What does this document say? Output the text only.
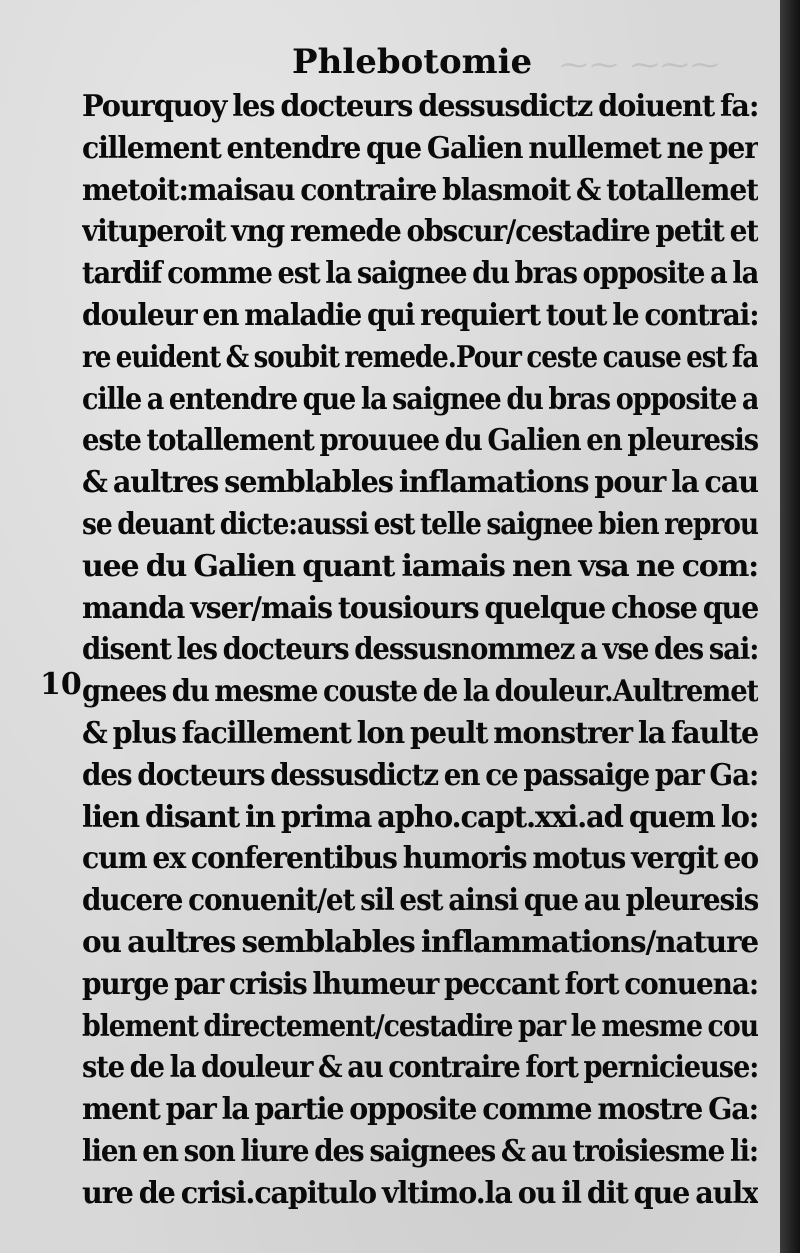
⁓⁓ ⁓⁓⁓
Phlebotomie
10
Pourquoy les docteurs dessusdictz doiuent fa:
cillement entendre que Galien nullemet ne per
metoit:maisau contraire blasmoit & totallemet
vituperoit vng remede obscur/cestadire petit et
tardif comme est la saignee du bras opposite a la
douleur en maladie qui requiert tout le contrai:
re euident & soubit remede.Pour ceste cause est fa
cille a entendre que la saignee du bras opposite a
este totallement prouuee du Galien en pleuresis
& aultres semblables inflamations pour la cau
se deuant dicte:aussi est telle saignee bien reprou
uee du Galien quant iamais nen vsa ne com:
manda vser/mais tousiours quelque chose que
disent les docteurs dessusnommez a vse des sai:
gnees du mesme couste de la douleur.Aultremet
& plus facillement lon peult monstrer la faulte
des docteurs dessusdictz en ce passaige par Ga:
lien disant in prima apho.capt.xxi.ad quem lo:
cum ex conferentibus humoris motus vergit eo
ducere conuenit/et sil est ainsi que au pleuresis
ou aultres semblables inflammations/nature
purge par crisis lhumeur peccant fort conuena:
blement directement/cestadire par le mesme cou
ste de la douleur & au contraire fort pernicieuse:
ment par la partie opposite comme mostre Ga:
lien en son liure des saignees & au troisiesme li:
ure de crisi.capitulo vltimo.la ou il dit que aulx
